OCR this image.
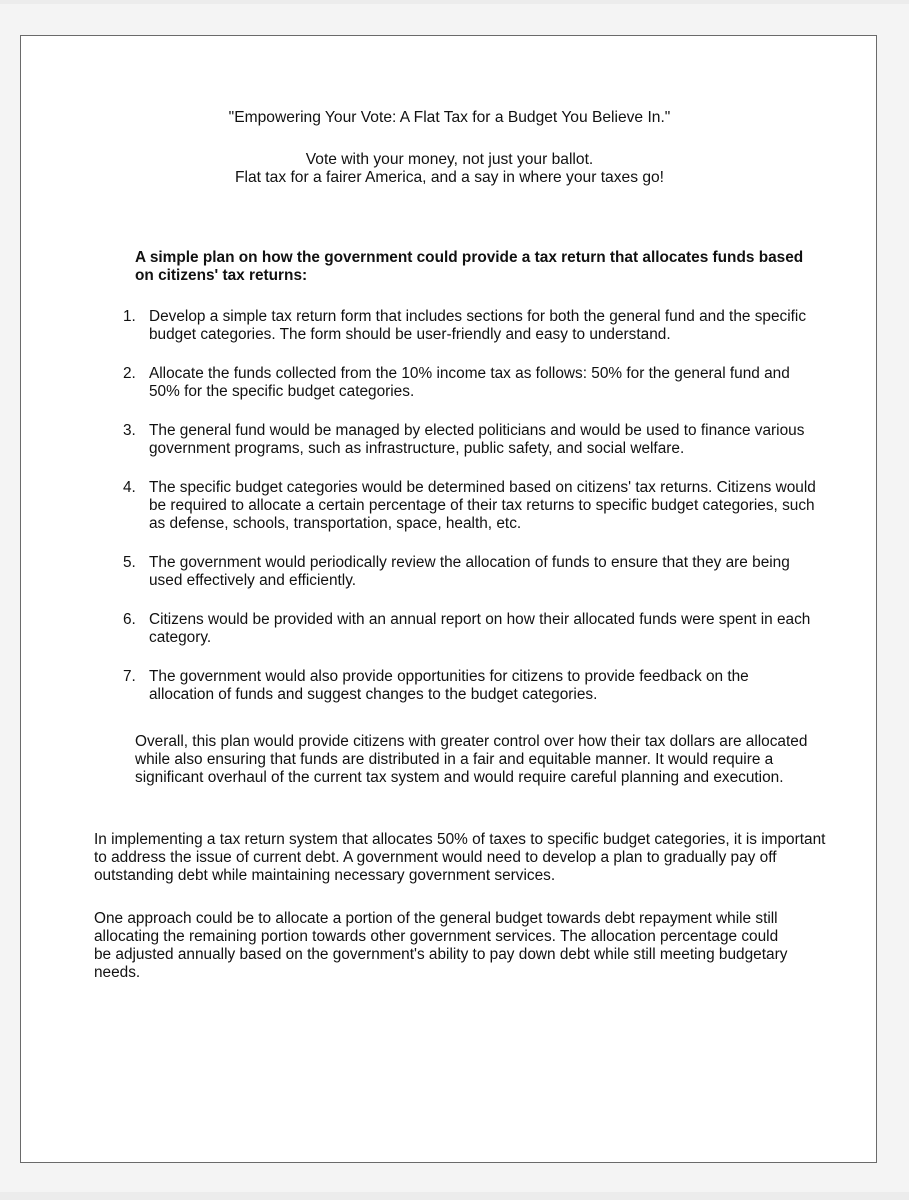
"Empowering Your Vote: A Flat Tax for a Budget You Believe In."

Vote with your money, not just your ballot.

Flat tax for a fairer America, and a say in where your taxes go!

A simple plan on how the government could provide a tax return that allocates funds based on citizens' tax returns:

1. Develop a simple tax return form that includes sections for both the general fund and the specific budget categories. The form should be user-friendly and easy to understand.
2. Allocate the funds collected from the 10% income tax as follows: 50% for the general fund and 50% for the specific budget categories.
3. The general fund would be managed by elected politicians and would be used to finance various government programs, such as infrastructure, public safety, and social welfare.
4. The specific budget categories would be determined based on citizens' tax returns. Citizens would be required to allocate a certain percentage of their tax returns to specific budget categories, such as defense, schools, transportation, space, health, etc.
5. The government would periodically review the allocation of funds to ensure that they are being used effectively and efficiently.
6. Citizens would be provided with an annual report on how their allocated funds were spent in each category.
7. The government would also provide opportunities for citizens to provide feedback on the allocation of funds and suggest changes to the budget categories.

Overall, this plan would provide citizens with greater control over how their tax dollars are allocated while also ensuring that funds are distributed in a fair and equitable manner. It would require a significant overhaul of the current tax system and would require careful planning and execution.

In implementing a tax return system that allocates 50% of taxes to specific budget categories, it is important to address the issue of current debt. A government would need to develop a plan to gradually pay off outstanding debt while maintaining necessary government services.

One approach could be to allocate a portion of the general budget towards debt repayment while still allocating the remaining portion towards other government services. The allocation percentage could be adjusted annually based on the government's ability to pay down debt while still meeting budgetary needs.
